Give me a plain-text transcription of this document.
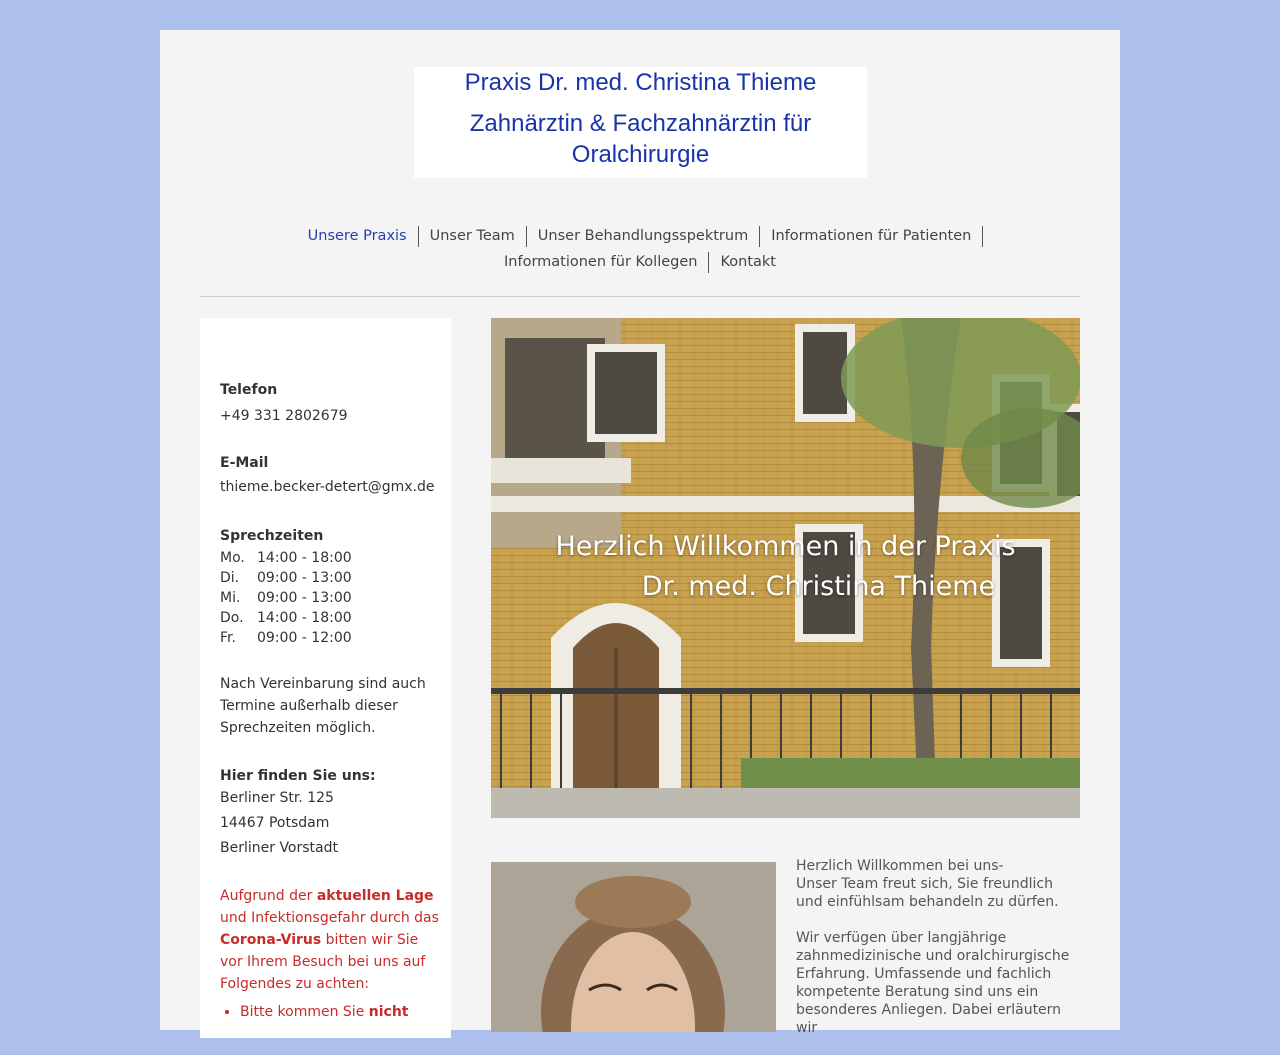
Praxis Dr. med. Christina Thieme
Zahnärztin & Fachzahnärztin für
Oralchirurgie
Unsere Praxis	Unser Team	Unser Behandlungsspektrum	Informationen für Patienten
Informationen für Kollegen	Kontakt
Telefon
+49 331 2802679
E-Mail
thieme.becker-detert@gmx.de
Sprechzeiten
Mo. 14:00 - 18:00
Di.	09:00 - 13:00
Mi.	09:00 - 13:00
Do. 14:00 - 18:00
Fr.	09:00 - 12:00
Nach Vereinbarung sind auch Termine außerhalb dieser Sprechzeiten möglich.
Hier finden Sie uns:
Berliner Str. 125
14467 Potsdam
Berliner Vorstadt
Aufgrund der aktuellen Lage und Infektionsgefahr durch das Corona-Virus bitten wir Sie vor Ihrem Besuch bei uns auf Folgendes zu achten:
• Bitte kommen Sie nicht
Herzlich Willkommen in der Praxis
Dr. med. Christina Thieme

Herzlich Willkommen bei uns-
Unser Team freut sich, Sie freundlich und einfühlsam behandeln zu dürfen.

Wir verfügen über langjährige zahnmedizinische und oralchirurgische Erfahrung. Umfassende und fachlich kompetente Beratung sind uns ein besonderes Anliegen. Dabei erläutern wir
